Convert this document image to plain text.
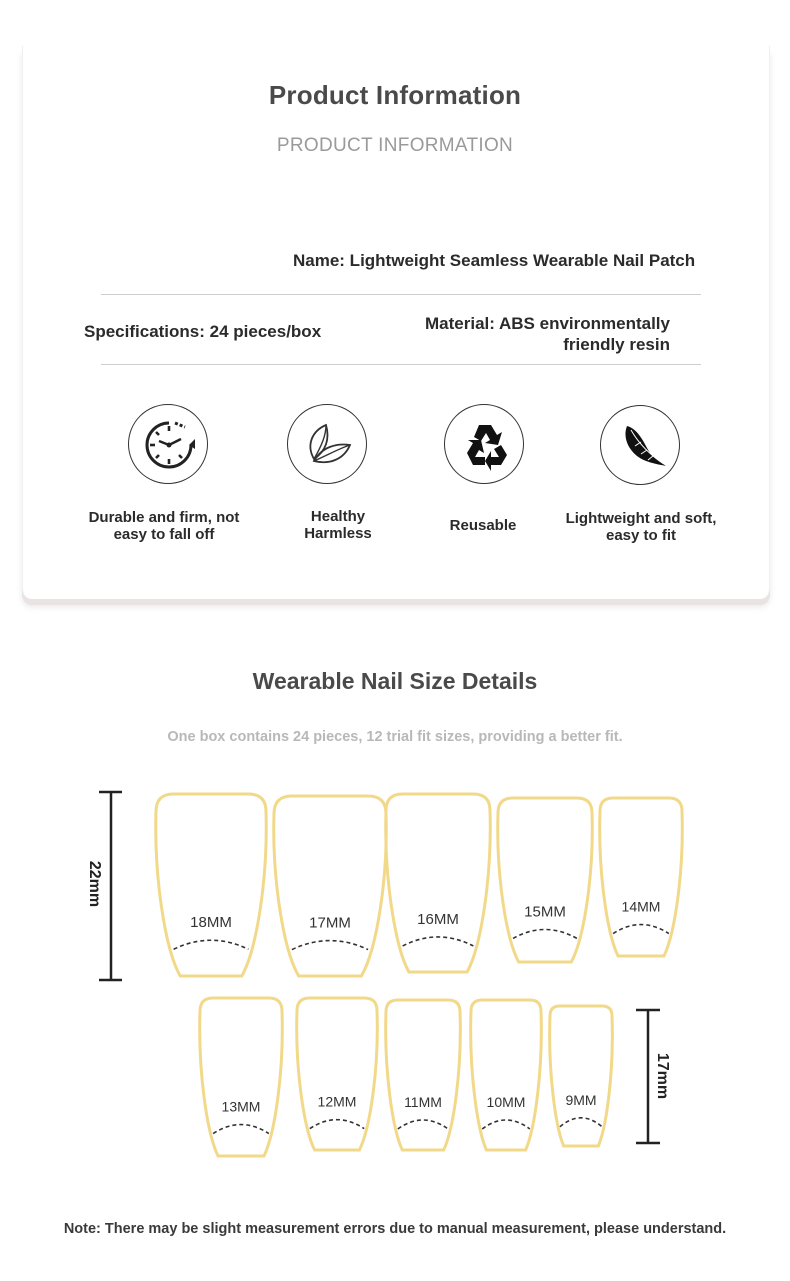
Product Information
PRODUCT INFORMATION
Name: Lightweight Seamless Wearable Nail Patch
Specifications: 24 pieces/box	Material: ABS environmentally
friendly resin
Durable and firm, not
easy to fall off
Healthy
Harmless	Reusable	Lightweight and soft,
easy to fit
Wearable Nail Size Details
One box contains 24 pieces, 12 trial fit sizes, providing a better fit.
22mm
17mm
18MM	17MM	16MM	15MM	14MM
13MM	12MM	11MM	10MM	9MM
Note: There may be slight measurement errors due to manual measurement, please understand.
